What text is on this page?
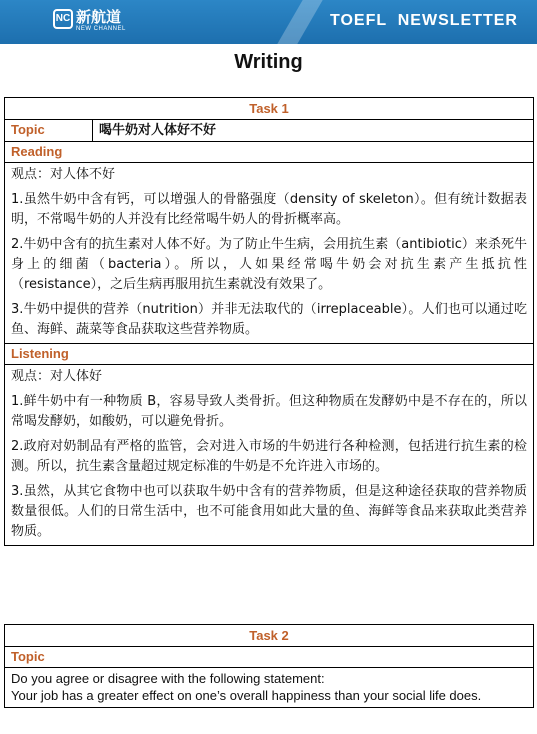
NC 新航道
NEW CHANNEL	TOEFL  NEWSLETTER
Writing
Task 1
Topic	喝牛奶对人体好不好
Reading

观点：对人体不好

1.虽然牛奶中含有钙，可以增强人的骨骼强度（density of skeleton）。但有统计数据表明，不常喝牛奶的人并没有比经常喝牛奶人的骨折概率高。

2.牛奶中含有的抗生素对人体不好。为了防止牛生病，会用抗生素（antibiotic）来杀死牛身上的细菌（bacteria）。所以，人如果经常喝牛奶会对抗生素产生抵抗性（resistance），之后生病再服用抗生素就没有效果了。

3.牛奶中提供的营养（nutrition）并非无法取代的（irreplaceable）。人们也可以通过吃鱼、海鲜、蔬菜等食品获取这些营养物质。

Listening

观点：对人体好

1.鲜牛奶中有一种物质 B，容易导致人类骨折。但这种物质在发酵奶中是不存在的，所以常喝发酵奶，如酸奶，可以避免骨折。

2.政府对奶制品有严格的监管，会对进入市场的牛奶进行各种检测，包括进行抗生素的检测。所以，抗生素含量超过规定标准的牛奶是不允许进入市场的。

3.虽然，从其它食物中也可以获取牛奶中含有的营养物质，但是这种途径获取的营养物质数量很低。人们的日常生活中，也不可能食用如此大量的鱼、海鲜等食品来获取此类营养物质。

Task 2
Topic

Do you agree or disagree with the following statement:

Your job has a greater effect on one’s overall happiness than your social life does.
